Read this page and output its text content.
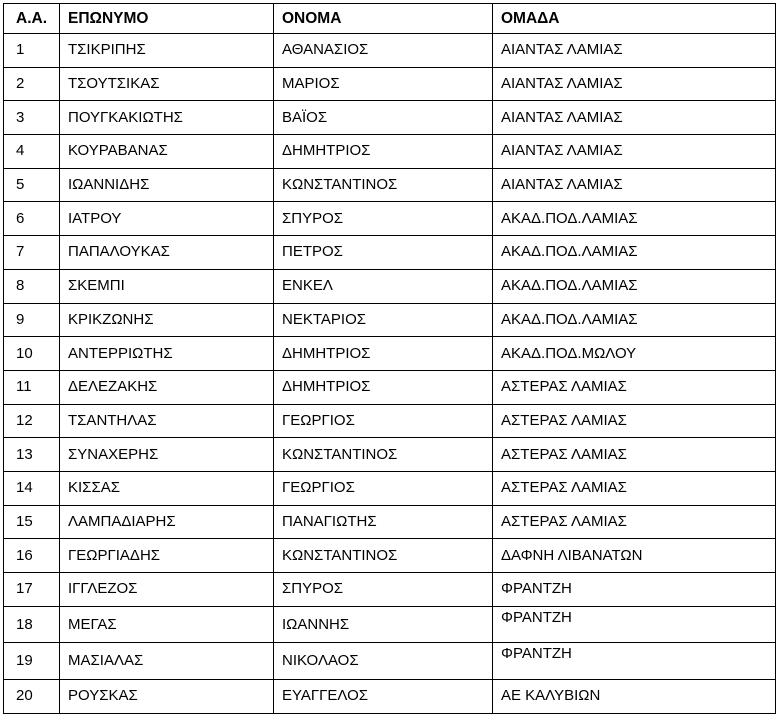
Α.Α.	ΕΠΩΝΥΜΟ	ΟΝΟΜΑ	ΟΜΑΔΑ
1	ΤΣΙΚΡΙΠΗΣ	ΑΘΑΝΑΣΙΟΣ	ΑΙΑΝΤΑΣ ΛΑΜΙΑΣ
2	ΤΣΟΥΤΣΙΚΑΣ	ΜΑΡΙΟΣ	ΑΙΑΝΤΑΣ ΛΑΜΙΑΣ
3	ΠΟΥΓΚΑΚΙΩΤΗΣ	ΒΑΪΟΣ	ΑΙΑΝΤΑΣ ΛΑΜΙΑΣ
4	ΚΟΥΡΑΒΑΝΑΣ	ΔΗΜΗΤΡΙΟΣ	ΑΙΑΝΤΑΣ ΛΑΜΙΑΣ
5	ΙΩΑΝΝΙΔΗΣ	ΚΩΝΣΤΑΝΤΙΝΟΣ	ΑΙΑΝΤΑΣ ΛΑΜΙΑΣ
6	ΙΑΤΡΟΥ	ΣΠΥΡΟΣ	ΑΚΑΔ.ΠΟΔ.ΛΑΜΙΑΣ
7	ΠΑΠΑΛΟΥΚΑΣ	ΠΕΤΡΟΣ	ΑΚΑΔ.ΠΟΔ.ΛΑΜΙΑΣ
8	ΣΚΕΜΠΙ	ΕΝΚΕΛ	ΑΚΑΔ.ΠΟΔ.ΛΑΜΙΑΣ
9	ΚΡΙΚΖΩΝΗΣ	ΝΕΚΤΑΡΙΟΣ	ΑΚΑΔ.ΠΟΔ.ΛΑΜΙΑΣ
10	ΑΝΤΕΡΡΙΩΤΗΣ	ΔΗΜΗΤΡΙΟΣ	ΑΚΑΔ.ΠΟΔ.ΜΩΛΟΥ
11	ΔΕΛΕΖΑΚΗΣ	ΔΗΜΗΤΡΙΟΣ	ΑΣΤΕΡΑΣ ΛΑΜΙΑΣ
12	ΤΣΑΝΤΗΛΑΣ	ΓΕΩΡΓΙΟΣ	ΑΣΤΕΡΑΣ ΛΑΜΙΑΣ
13	ΣΥΝΑΧΕΡΗΣ	ΚΩΝΣΤΑΝΤΙΝΟΣ	ΑΣΤΕΡΑΣ ΛΑΜΙΑΣ
14	ΚΙΣΣΑΣ	ΓΕΩΡΓΙΟΣ	ΑΣΤΕΡΑΣ ΛΑΜΙΑΣ
15	ΛΑΜΠΑΔΙΑΡΗΣ	ΠΑΝΑΓΙΩΤΗΣ	ΑΣΤΕΡΑΣ ΛΑΜΙΑΣ
16	ΓΕΩΡΓΙΑΔΗΣ	ΚΩΝΣΤΑΝΤΙΝΟΣ	ΔΑΦΝΗ ΛΙΒΑΝΑΤΩΝ
17	ΙΓΓΛΕΖΟΣ	ΣΠΥΡΟΣ	ΦΡΑΝΤΖΗ
18	ΜΕΓΑΣ	ΙΩΑΝΝΗΣ	ΦΡΑΝΤΖΗ
19	ΜΑΣΙΑΛΑΣ	ΝΙΚΟΛΑΟΣ	ΦΡΑΝΤΖΗ
20	ΡΟΥΣΚΑΣ	ΕΥΑΓΓΕΛΟΣ	ΑΕ ΚΑΛΥΒΙΩΝ
